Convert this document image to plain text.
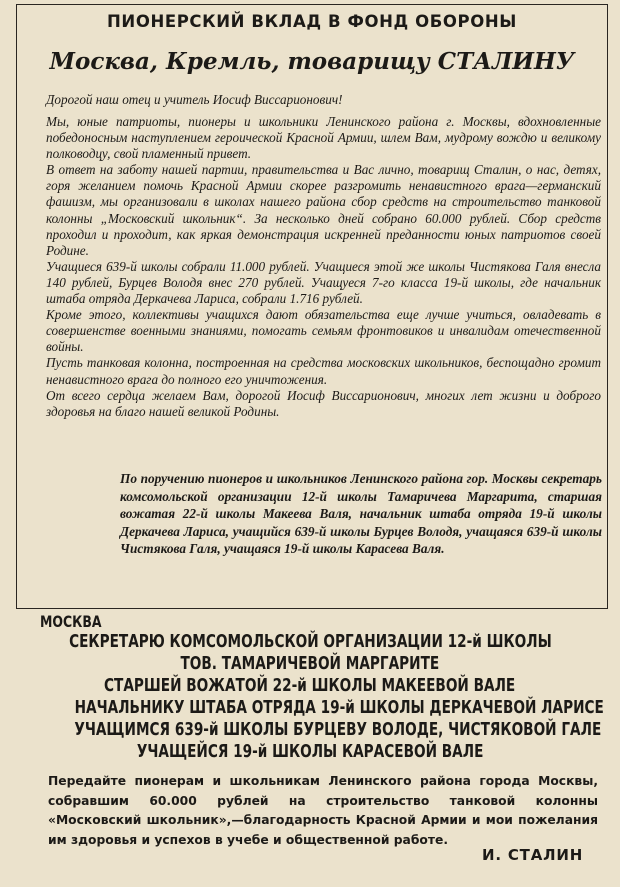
ПИОНЕРСКИЙ ВКЛАД В ФОНД ОБОРОНЫ
Москва, Кремль, товарищу СТАЛИНУ
Дорогой наш отец и учитель Иосиф Виссарионович!

Мы, юные патриоты, пионеры и школьники Ленинского района г. Москвы, вдохновленные победоносным наступлением героической Красной Армии, шлем Вам, мудрому вождю и великому полководцу, свой пламенный привет.

В ответ на заботу нашей партии, правительства и Вас лично, товарищ Сталин, о нас, детях, горя желанием помочь Красной Армии скорее разгромить ненавистного врага—германский фашизм, мы организовали в школах нашего района сбор средств на строительство танковой колонны „Московский школьник“. За несколько дней собрано 60.000 рублей. Сбор средств проходил и проходит, как яркая демонстрация искренней преданности юных патриотов своей Родине.

Учащиеся 639-й школы собрали 11.000 рублей. Учащиеся этой же школы Чистякова Галя внесла 140 рублей, Бурцев Володя внес 270 рублей. Учащуеся 7-го класса 19-й школы, где начальник штаба отряда Деркачева Лариса, собрали 1.716 рублей.

Кроме этого, коллективы учащихся дают обязательства еще лучше учиться, овладевать в совершенстве военными знаниями, помогать семьям фронтовиков и инвалидам отечественной войны.

Пусть танковая колонна, построенная на средства московских школьников, беспощадно громит ненавистного врага до полного его уничтожения.

От всего сердца желаем Вам, дорогой Иосиф Виссарионович, многих лет жизни и доброго здоровья на благо нашей великой Родины.

По поручению пионеров и школьников Ленинского района гор. Москвы секретарь комсомольской организации 12-й школы Тамаричева Маргарита, старшая вожатая 22-й школы Макеева Валя, начальник штаба отряда 19-й школы Деркачева Лариса, учащийся 639-й школы Бурцев Володя, учащаяся 639-й школы Чистякова Галя, учащаяся 19-й школы Карасева Валя.
МОСКВА
СЕКРЕТАРЮ КОМСОМОЛЬСКОЙ ОРГАНИЗАЦИИ 12-й ШКОЛЫ
ТОВ. ТАМАРИЧЕВОЙ МАРГАРИТЕ
СТАРШЕЙ ВОЖАТОЙ 22-й ШКОЛЫ МАКЕЕВОЙ ВАЛЕ
НАЧАЛЬНИКУ ШТАБА ОТРЯДА 19-й ШКОЛЫ ДЕРКАЧЕВОЙ ЛАРИСЕ
УЧАЩИМСЯ 639-й ШКОЛЫ БУРЦЕВУ ВОЛОДЕ, ЧИСТЯКОВОЙ ГАЛЕ
УЧАЩЕЙСЯ 19-й ШКОЛЫ КАРАСЕВОЙ ВАЛЕ
Передайте пионерам и школьникам Ленинского района города Москвы, собравшим 60.000 рублей на строительство танковой колонны «Московский школьник»,—благодарность Красной Армии и мои пожелания им здоровья и успехов в учебе и общественной работе.
И. СТАЛИН
